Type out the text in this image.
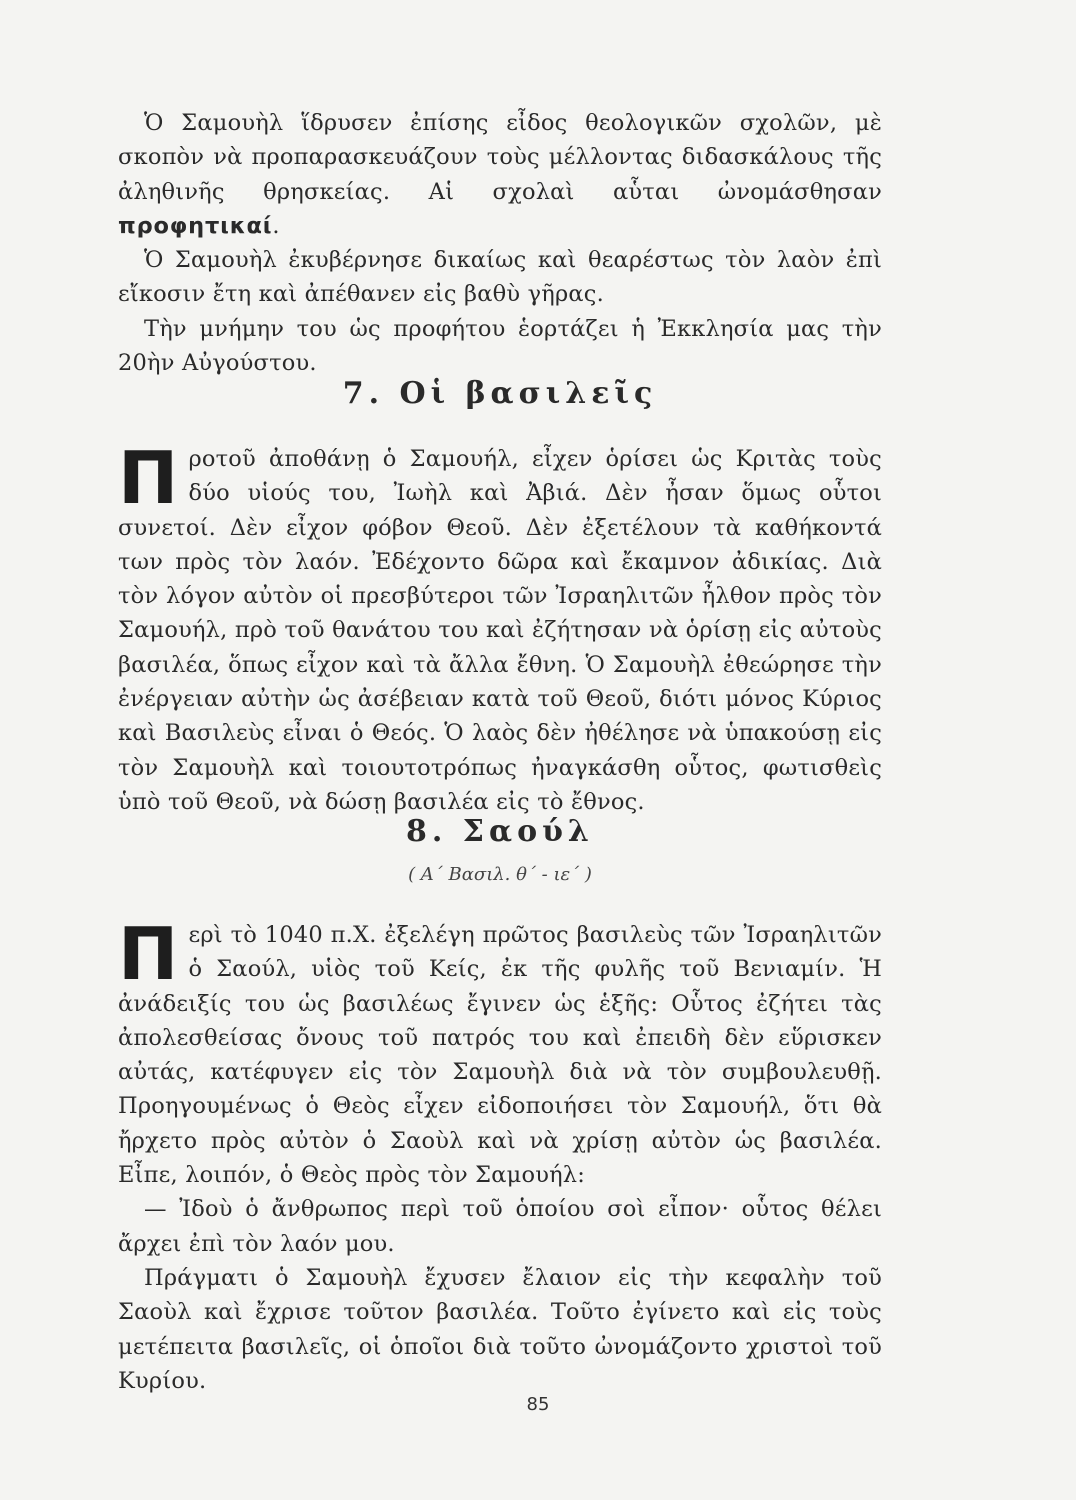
Ὁ Σαμουὴλ ἵδρυσεν ἐπίσης εἶδος θεολογικῶν σχολῶν, μὲ σκοπὸν νὰ προπαρασκευάζουν τοὺς μέλλοντας διδασκάλους τῆς ἀληθινῆς θρησκείας. Αἱ σχολαὶ αὗται ὠνομάσθησαν προφητικαί.

Ὁ Σαμουὴλ ἐκυβέρνησε δικαίως καὶ θεαρέστως τὸν λαὸν ἐπὶ εἴκοσιν ἔτη καὶ ἀπέθανεν εἰς βαθὺ γῆρας.

Τὴν μνήμην του ὡς προφήτου ἑορτάζει ἡ Ἐκκλησία μας τὴν 20ὴν Αὐγούστου.

7. Οἱ βασιλεῖς

Προτοῦ ἀποθάνῃ ὁ Σαμουήλ, εἶχεν ὁρίσει ὡς Κριτὰς τοὺς δύο υἱούς του, Ἰωὴλ καὶ Ἀβιά. Δὲν ἦσαν ὅμως οὗτοι συνετοί. Δὲν εἶχον φόβον Θεοῦ. Δὲν ἐξετέλουν τὰ καθήκοντά των πρὸς τὸν λαόν. Ἐδέχοντο δῶρα καὶ ἔκαμνον ἀδικίας. Διὰ τὸν λόγον αὐτὸν οἱ πρεσβύτεροι τῶν Ἰσραηλιτῶν ἦλθον πρὸς τὸν Σαμουήλ, πρὸ τοῦ θανάτου του καὶ ἐζήτησαν νὰ ὁρίσῃ εἰς αὐτοὺς βασιλέα, ὅπως εἶχον καὶ τὰ ἄλλα ἔθνη. Ὁ Σαμουὴλ ἐθεώρησε τὴν ἐνέργειαν αὐτὴν ὡς ἀσέβειαν κατὰ τοῦ Θεοῦ, διότι μόνος Κύριος καὶ Βασιλεὺς εἶναι ὁ Θεός. Ὁ λαὸς δὲν ἠθέλησε νὰ ὑπακούσῃ εἰς τὸν Σαμουὴλ καὶ τοιουτοτρόπως ἠναγκάσθη οὗτος, φωτισθεὶς ὑπὸ τοῦ Θεοῦ, νὰ δώσῃ βασιλέα εἰς τὸ ἔθνος.

8. Σαούλ
( Α΄ Βασιλ. θ΄ - ιε΄ )

Περὶ τὸ 1040 π.Χ. ἐξελέγη πρῶτος βασιλεὺς τῶν Ἰσραηλιτῶν ὁ Σαούλ, υἱὸς τοῦ Κείς, ἐκ τῆς φυλῆς τοῦ Βενιαμίν. Ἡ ἀνάδειξίς του ὡς βασιλέως ἔγινεν ὡς ἑξῆς: Οὗτος ἐζήτει τὰς ἀπολεσθείσας ὄνους τοῦ πατρός του καὶ ἐπειδὴ δὲν εὕρισκεν αὐτάς, κατέφυγεν εἰς τὸν Σαμουὴλ διὰ νὰ τὸν συμβουλευθῇ. Προηγουμένως ὁ Θεὸς εἶχεν εἰδοποιήσει τὸν Σαμουήλ, ὅτι θὰ ἤρχετο πρὸς αὐτὸν ὁ Σαοὺλ καὶ νὰ χρίσῃ αὐτὸν ὡς βασιλέα. Εἶπε, λοιπόν, ὁ Θεὸς πρὸς τὸν Σαμουήλ:

— Ἰδοὺ ὁ ἄνθρωπος περὶ τοῦ ὁποίου σοὶ εἶπον· οὗτος θέλει ἄρχει ἐπὶ τὸν λαόν μου.

Πράγματι ὁ Σαμουὴλ ἔχυσεν ἔλαιον εἰς τὴν κεφαλὴν τοῦ Σαοὺλ καὶ ἔχρισε τοῦτον βασιλέα. Τοῦτο ἐγίνετο καὶ εἰς τοὺς μετέπειτα βασιλεῖς, οἱ ὁποῖοι διὰ τοῦτο ὠνομάζοντο χριστοὶ τοῦ Κυρίου.

85
